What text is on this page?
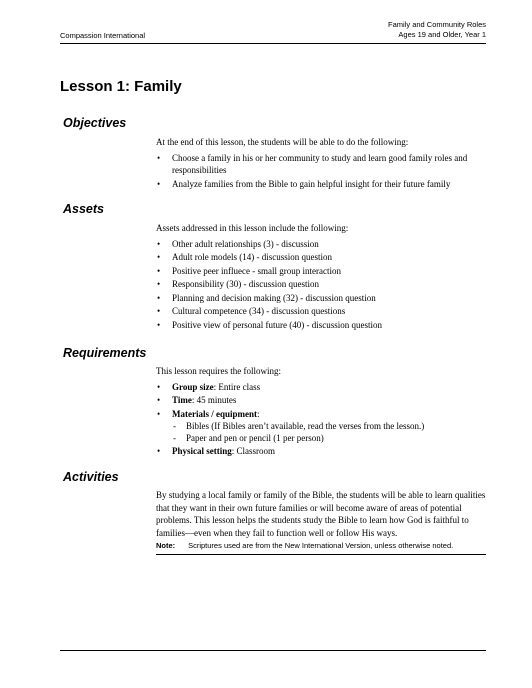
Compassion International
Family and Community Roles
Ages 19 and Older, Year 1
Lesson 1: Family
Objectives

At the end of this lesson, the students will be able to do the following:

• Choose a family in his or her community to study and learn good family roles and responsibilities
• Analyze families from the Bible to gain helpful insight for their future family
Assets

Assets addressed in this lesson include the following:

• Other adult relationships (3) - discussion
• Adult role models (14) - discussion question
• Positive peer influece - small group interaction
• Responsibility (30) - discussion question
• Planning and decision making (32) - discussion question
• Cultural competence (34) - discussion questions
• Positive view of personal future (40) - discussion question
Requirements

This lesson requires the following:

• Group size: Entire class
• Time: 45 minutes
• Materials / equipment:
- Bibles (If Bibles aren’t available, read the verses from the lesson.)
- Paper and pen or pencil (1 per person)
• Physical setting: Classroom
Activities

By studying a local family or family of the Bible, the students will be able to learn qualities that they want in their own future families or will become aware of areas of potential problems. This lesson helps the students study the Bible to learn how God is faithful to families—even when they fail to function well or follow His ways.

Note: Scriptures used are from the New International Version, unless otherwise noted.
